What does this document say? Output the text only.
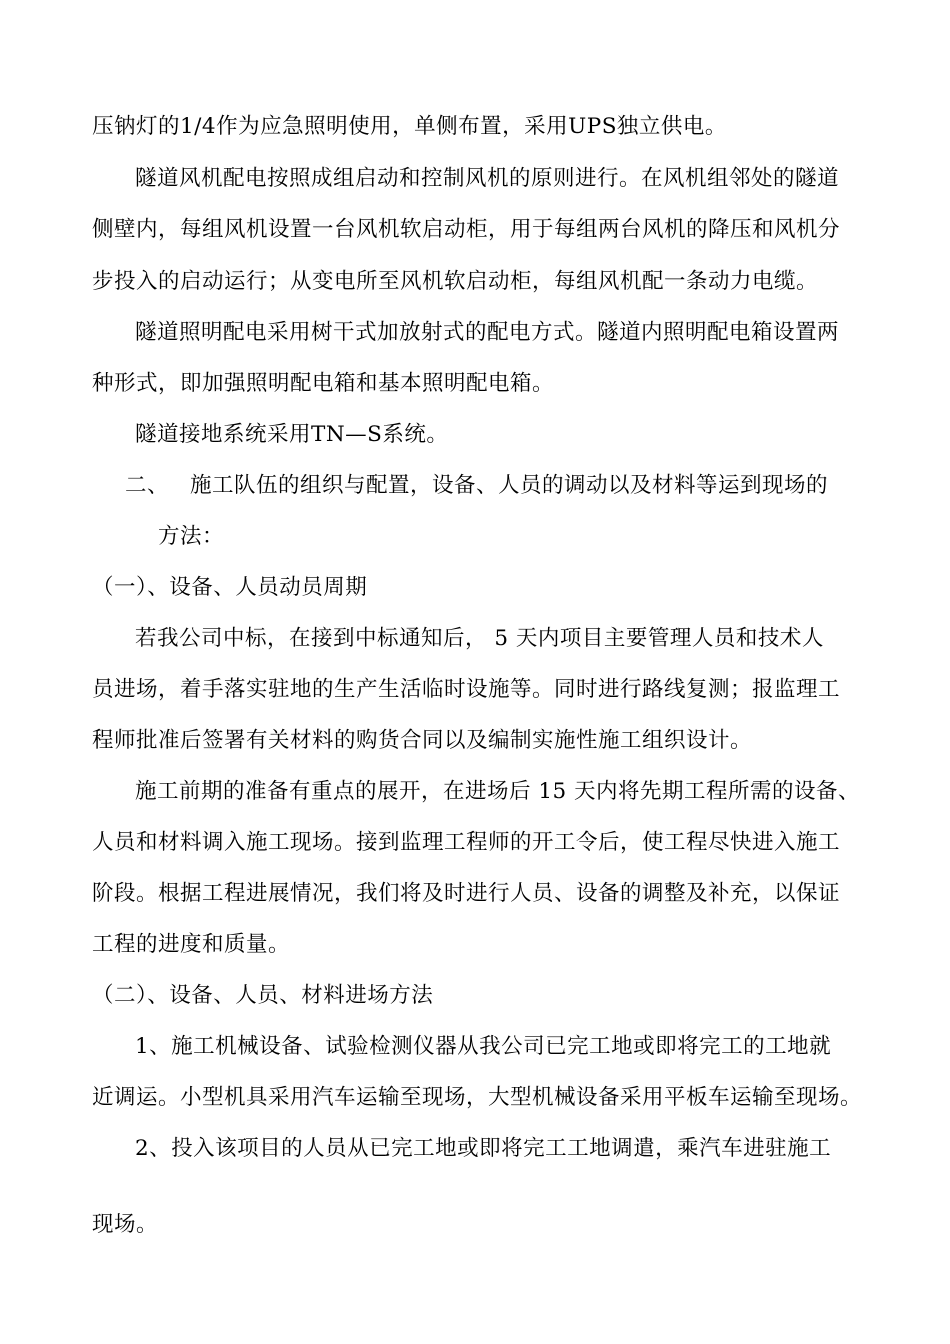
压钠灯的1/4作为应急照明使用，单侧布置，采用UPS独立供电。
隧道风机配电按照成组启动和控制风机的原则进行。在风机组邻处的隧道
侧壁内，每组风机设置一台风机软启动柜，用于每组两台风机的降压和风机分
步投入的启动运行；从变电所至风机软启动柜，每组风机配一条动力电缆。
隧道照明配电采用树干式加放射式的配电方式。隧道内照明配电箱设置两
种形式，即加强照明配电箱和基本照明配电箱。
隧道接地系统采用TN—S系统。
二、 施工队伍的组织与配置，设备、人员的调动以及材料等运到现场的
方法：
（一）、设备、人员动员周期
若我公司中标，在接到中标通知后， 5 天内项目主要管理人员和技术人
员进场，着手落实驻地的生产生活临时设施等。同时进行路线复测；报监理工
程师批准后签署有关材料的购货合同以及编制实施性施工组织设计。
施工前期的准备有重点的展开，在进场后 15 天内将先期工程所需的设备、
人员和材料调入施工现场。接到监理工程师的开工令后，使工程尽快进入施工
阶段。根据工程进展情况，我们将及时进行人员、设备的调整及补充，以保证
工程的进度和质量。
（二）、设备、人员、材料进场方法
1、施工机械设备、试验检测仪器从我公司已完工地或即将完工的工地就
近调运。小型机具采用汽车运输至现场，大型机械设备采用平板车运输至现场。
2、投入该项目的人员从已完工地或即将完工工地调遣，乘汽车进驻施工
现场。
